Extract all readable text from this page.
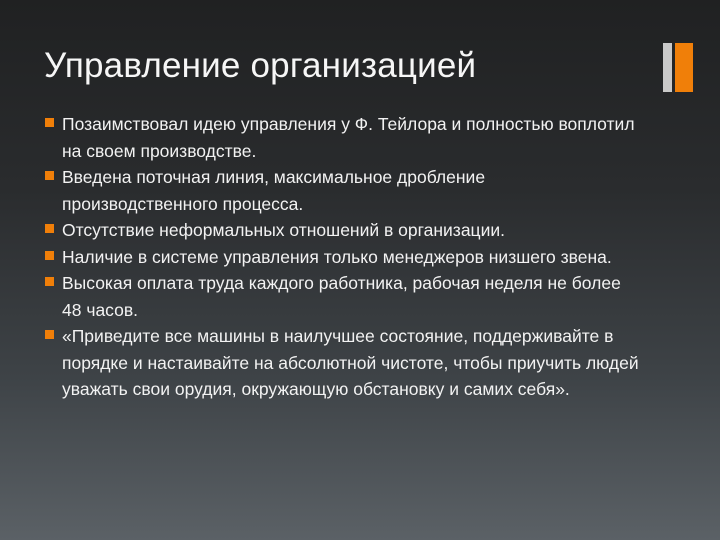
Управление организацией
Позаимствовал идею управления у Ф. Тейлора и полностью воплотил на своем производстве.
Введена поточная линия, максимальное дробление производственного процесса.
Отсутствие неформальных отношений в организации.
Наличие в системе управления только менеджеров низшего звена.
Высокая оплата труда каждого работника, рабочая неделя не более 48 часов.
«Приведите все машины в наилучшее состояние, поддерживайте в порядке и настаивайте на абсолютной чистоте, чтобы приучить людей уважать свои орудия, окружающую обстановку и самих себя».
